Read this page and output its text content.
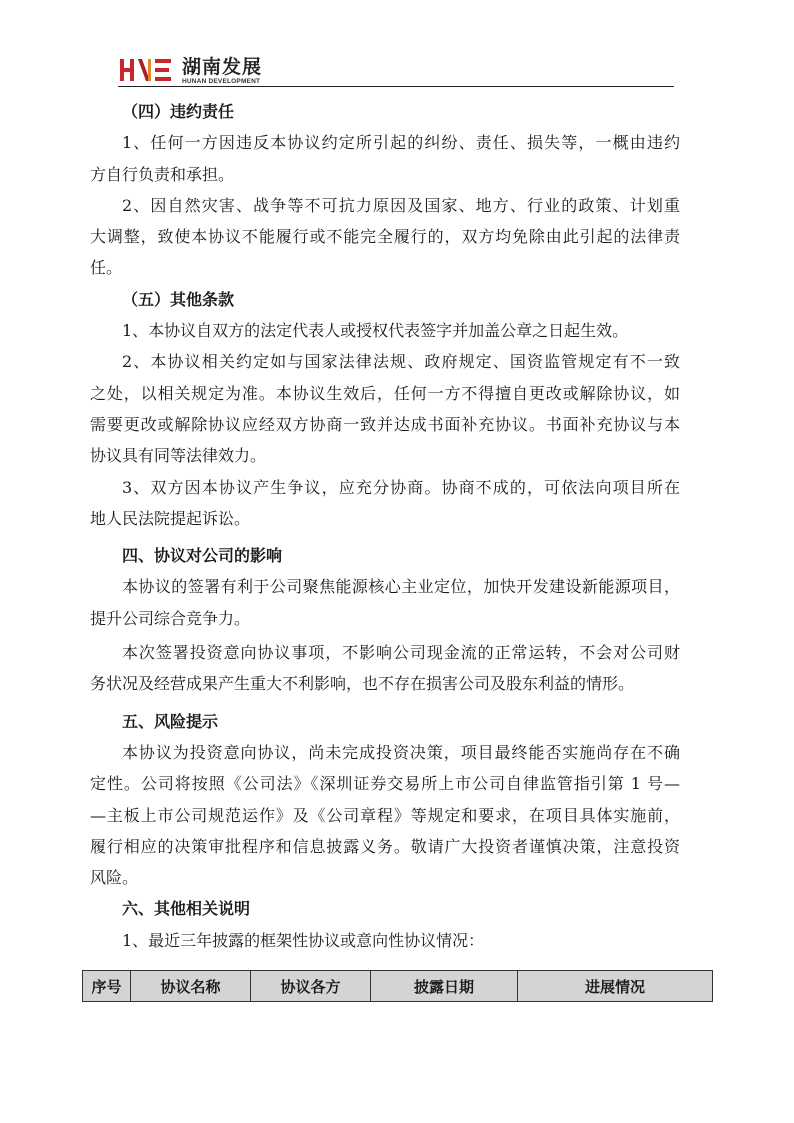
湖南发展
HUNAN DEVELOPMENT
（四）违约责任
1、任何一方因违反本协议约定所引起的纠纷、责任、损失等，一概由违约
方自行负责和承担。
2、因自然灾害、战争等不可抗力原因及国家、地方、行业的政策、计划重
大调整，致使本协议不能履行或不能完全履行的，双方均免除由此引起的法律责
任。
（五）其他条款
1、本协议自双方的法定代表人或授权代表签字并加盖公章之日起生效。
2、本协议相关约定如与国家法律法规、政府规定、国资监管规定有不一致
之处，以相关规定为准。本协议生效后，任何一方不得擅自更改或解除协议，如
需要更改或解除协议应经双方协商一致并达成书面补充协议。书面补充协议与本
协议具有同等法律效力。
3、双方因本协议产生争议，应充分协商。协商不成的，可依法向项目所在
地人民法院提起诉讼。
四、协议对公司的影响
本协议的签署有利于公司聚焦能源核心主业定位，加快开发建设新能源项目，
提升公司综合竞争力。
本次签署投资意向协议事项，不影响公司现金流的正常运转，不会对公司财
务状况及经营成果产生重大不利影响，也不存在损害公司及股东利益的情形。
五、风险提示
本协议为投资意向协议，尚未完成投资决策，项目最终能否实施尚存在不确
定性。公司将按照《公司法》《深圳证券交易所上市公司自律监管指引第 1 号—
—主板上市公司规范运作》及《公司章程》等规定和要求，在项目具体实施前，
履行相应的决策审批程序和信息披露义务。敬请广大投资者谨慎决策，注意投资
风险。
六、其他相关说明
1、最近三年披露的框架性协议或意向性协议情况：
序号	协议名称	协议各方	披露日期	进展情况
